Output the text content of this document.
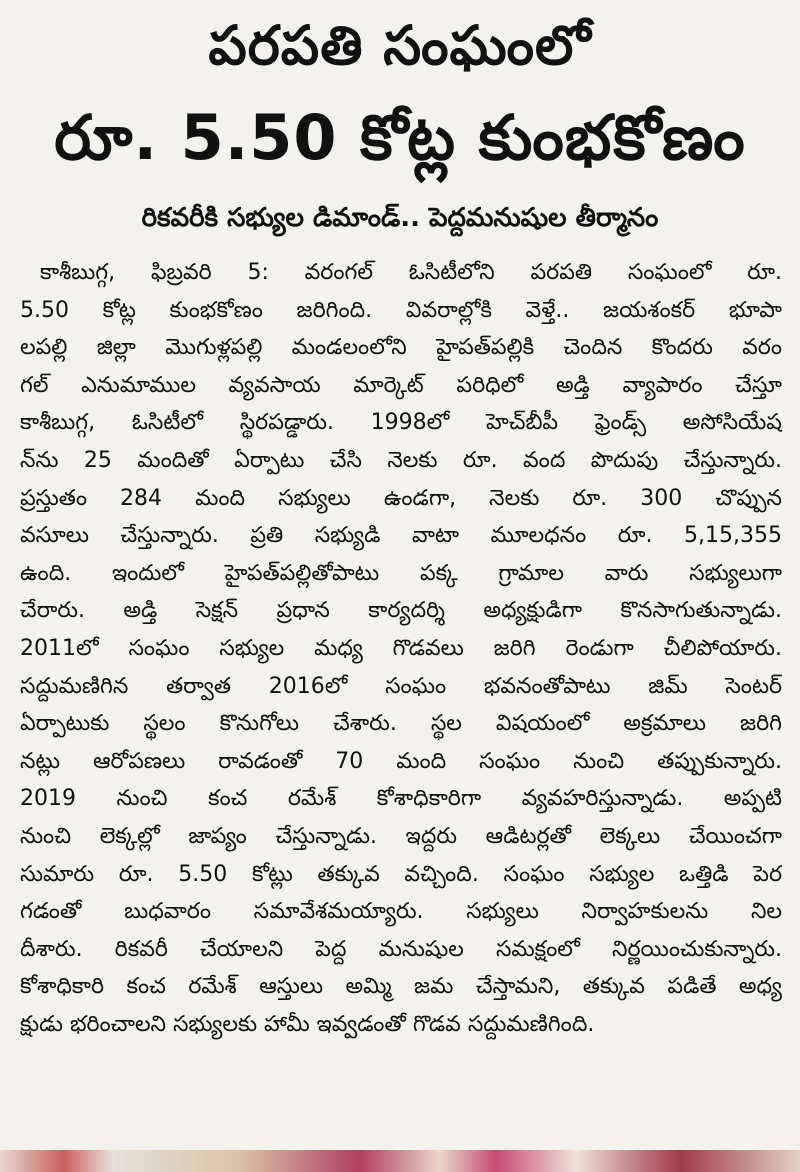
పరపతి సంఘంలో
రూ. 5.50 కోట్ల కుంభకోణం
రికవరీకి సభ్యుల డిమాండ్.. పెద్దమనుషుల తీర్మానం
కాశీబుగ్గ, ఫిబ్రవరి 5: వరంగల్ ఓసిటీలోని పరపతి సంఘంలో రూ.
5.50 కోట్ల కుంభకోణం జరిగింది. వివరాల్లోకి వెళ్తే.. జయశంకర్ భూపా
లపల్లి జిల్లా మొగుళ్లపల్లి మండలంలోని హైపత్‌పల్లికి చెందిన కొందరు వరం
గల్ ఎనుమాముల వ్యవసాయ మార్కెట్ పరిధిలో అడ్తి వ్యాపారం చేస్తూ
కాశీబుగ్గ, ఓసిటీలో స్థిరపడ్డారు. 1998లో హెచ్‌బీపీ ఫ్రెండ్స్ అసోసియేష
న్‌ను 25 మందితో ఏర్పాటు చేసి నెలకు రూ. వంద పొదుపు చేస్తున్నారు.
ప్రస్తుతం 284 మంది సభ్యులు ఉండగా, నెలకు రూ. 300 చొప్పున
వసూలు చేస్తున్నారు. ప్రతి సభ్యుడి వాటా మూలధనం రూ. 5,15,355
ఉంది. ఇందులో హైపత్‌పల్లితోపాటు పక్క గ్రామాల వారు సభ్యులుగా
చేరారు. అడ్తి సెక్షన్ ప్రధాన కార్యదర్శి అధ్యక్షుడిగా కొనసాగుతున్నాడు.
2011లో సంఘం సభ్యుల మధ్య గొడవలు జరిగి రెండుగా చీలిపోయారు.
సద్దుమణిగిన తర్వాత 2016లో సంఘం భవనంతోపాటు జిమ్ సెంటర్
ఏర్పాటుకు స్థలం కొనుగోలు చేశారు. స్థల విషయంలో అక్రమాలు జరిగి
నట్లు ఆరోపణలు రావడంతో 70 మంది సంఘం నుంచి తప్పుకున్నారు.
2019 నుంచి కంచ రమేశ్ కోశాధికారిగా వ్యవహరిస్తున్నాడు. అప్పటి
నుంచి లెక్కల్లో జాప్యం చేస్తున్నాడు. ఇద్దరు ఆడిటర్లతో లెక్కలు చేయించగా
సుమారు రూ. 5.50 కోట్లు తక్కువ వచ్చింది. సంఘం సభ్యుల ఒత్తిడి పెర
గడంతో బుధవారం సమావేశమయ్యారు. సభ్యులు నిర్వాహకులను నిల
దీశారు. రికవరీ చేయాలని పెద్ద మనుషుల సమక్షంలో నిర్ణయించుకున్నారు.
కోశాధికారి కంచ రమేశ్ ఆస్తులు అమ్మి జమ చేస్తామని, తక్కువ పడితే అధ్య
క్షుడు భరించాలని సభ్యులకు హామీ ఇవ్వడంతో గొడవ సద్దుమణిగింది.
